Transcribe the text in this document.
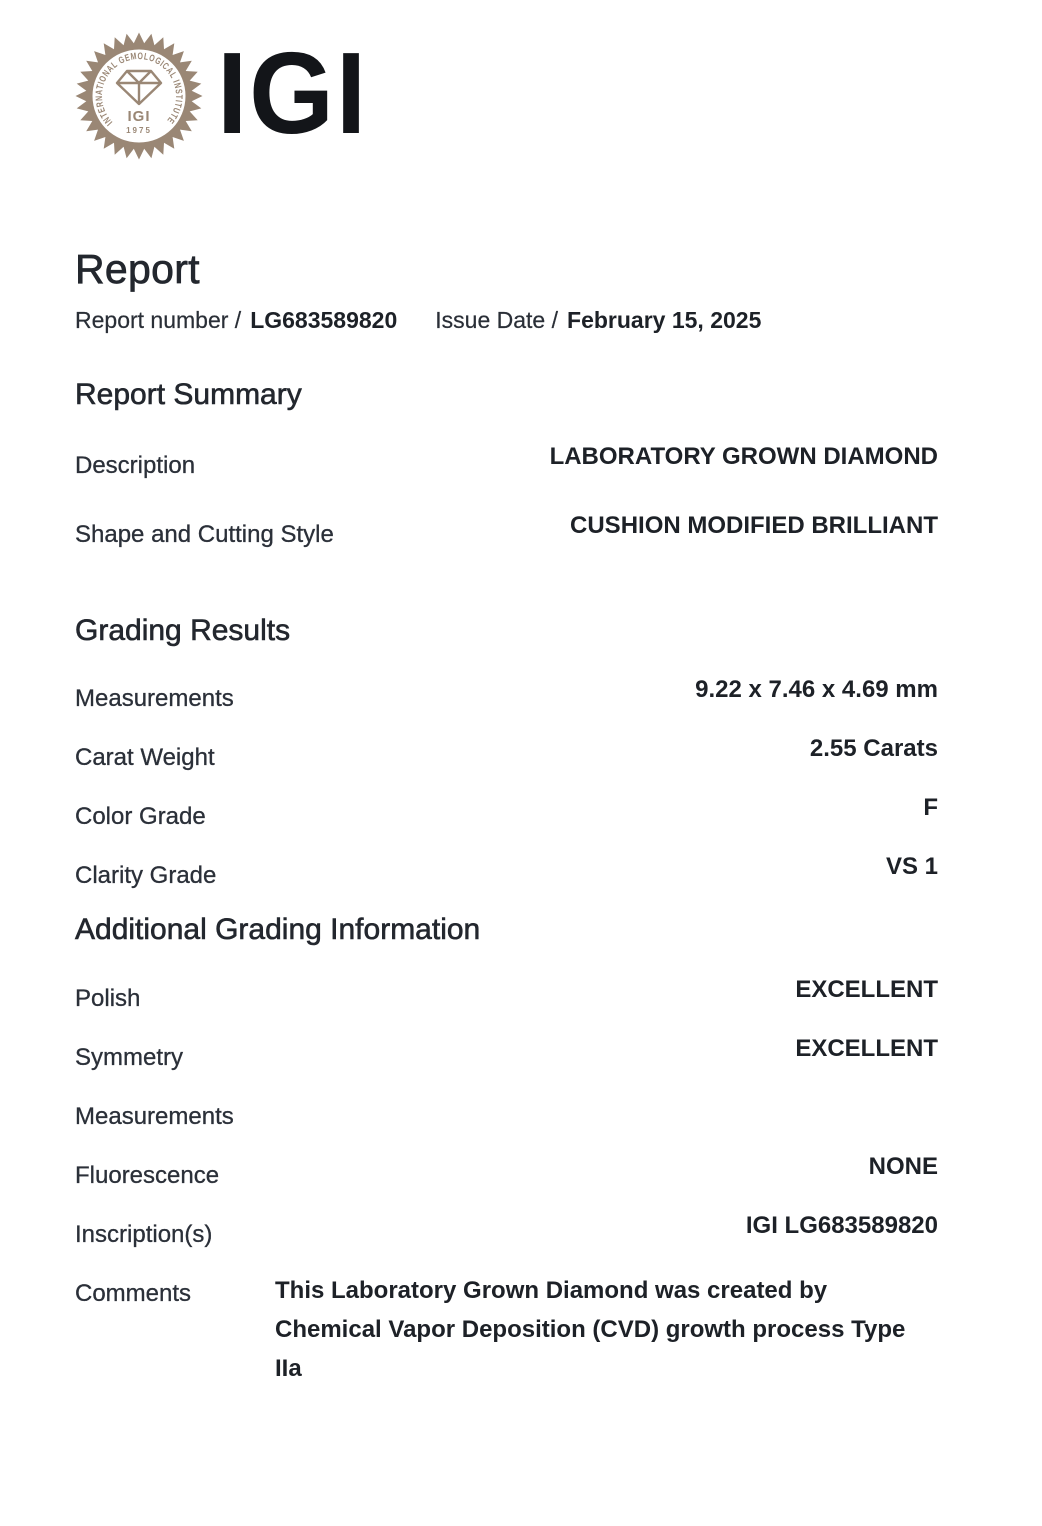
INTERNATIONAL GEMOLOGICAL INSTITUTE
IGI
1975 IGI
Report
Report number / LG683589820 Issue Date / February 15, 2025
Report Summary
Description	LABORATORY GROWN DIAMOND
Shape and Cutting Style	CUSHION MODIFIED BRILLIANT
Grading Results
Measurements	9.22 x 7.46 x 4.69 mm
Carat Weight	2.55 Carats
Color Grade	F
Clarity Grade	VS 1
Additional Grading Information
Polish	EXCELLENT
Symmetry	EXCELLENT
Measurements
Fluorescence	NONE
Inscription(s)	IGI LG683589820
Comments	This Laboratory Grown Diamond was created by Chemical Vapor Deposition (CVD) growth process Type IIa
